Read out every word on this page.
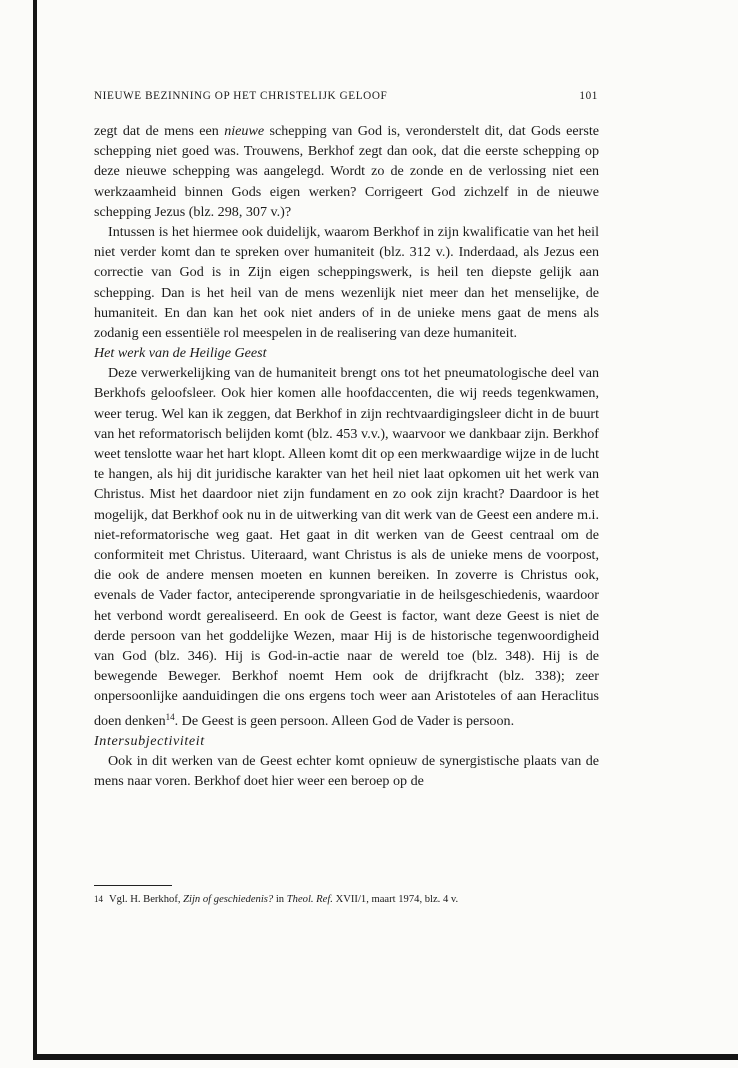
NIEUWE BEZINNING OP HET CHRISTELIJK GELOOF	101

zegt dat de mens een nieuwe schepping van God is, veronderstelt dit, dat Gods eerste schepping niet goed was. Trouwens, Berkhof zegt dan ook, dat die eerste schepping op deze nieuwe schepping was aangelegd. Wordt zo de zonde en de verlossing niet een werkzaamheid binnen Gods eigen werken? Corrigeert God zichzelf in de nieuwe schepping Jezus (blz. 298, 307 v.)?

Intussen is het hiermee ook duidelijk, waarom Berkhof in zijn kwalificatie van het heil niet verder komt dan te spreken over humaniteit (blz. 312 v.). Inderdaad, als Jezus een correctie van God is in Zijn eigen scheppingswerk, is heil ten diepste gelijk aan schepping. Dan is het heil van de mens wezenlijk niet meer dan het menselijke, de humaniteit. En dan kan het ook niet anders of in de unieke mens gaat de mens als zodanig een essentiële rol meespelen in de realisering van deze humaniteit.

Het werk van de Heilige Geest

Deze verwerkelijking van de humaniteit brengt ons tot het pneumatologische deel van Berkhofs geloofsleer. Ook hier komen alle hoofdaccenten, die wij reeds tegenkwamen, weer terug. Wel kan ik zeggen, dat Berkhof in zijn rechtvaardigingsleer dicht in de buurt van het reformatorisch belijden komt (blz. 453 v.v.), waarvoor we dankbaar zijn. Berkhof weet tenslotte waar het hart klopt. Alleen komt dit op een merkwaardige wijze in de lucht te hangen, als hij dit juridische karakter van het heil niet laat opkomen uit het werk van Christus. Mist het daardoor niet zijn fundament en zo ook zijn kracht? Daardoor is het mogelijk, dat Berkhof ook nu in de uitwerking van dit werk van de Geest een andere m.i. niet-reformatorische weg gaat. Het gaat in dit werken van de Geest centraal om de conformiteit met Christus. Uiteraard, want Christus is als de unieke mens de voorpost, die ook de andere mensen moeten en kunnen bereiken. In zoverre is Christus ook, evenals de Vader factor, anteciperende sprongvariatie in de heilsgeschiedenis, waardoor het verbond wordt gerealiseerd. En ook de Geest is factor, want deze Geest is niet de derde persoon van het goddelijke Wezen, maar Hij is de historische tegenwoordigheid van God (blz. 346). Hij is God-in-actie naar de wereld toe (blz. 348). Hij is de bewegende Beweger. Berkhof noemt Hem ook de drijfkracht (blz. 338); zeer onpersoonlijke aanduidingen die ons ergens toch weer aan Aristoteles of aan Heraclitus doen denken$^{14}$. De Geest is geen persoon. Alleen God de Vader is persoon.

Intersubjectiviteit

Ook in dit werken van de Geest echter komt opnieuw de synergistische plaats van de mens naar voren. Berkhof doet hier weer een beroep op de

14 Vgl. H. Berkhof, Zijn of geschiedenis? in Theol. Ref. XVII/1, maart 1974, blz. 4 v.
